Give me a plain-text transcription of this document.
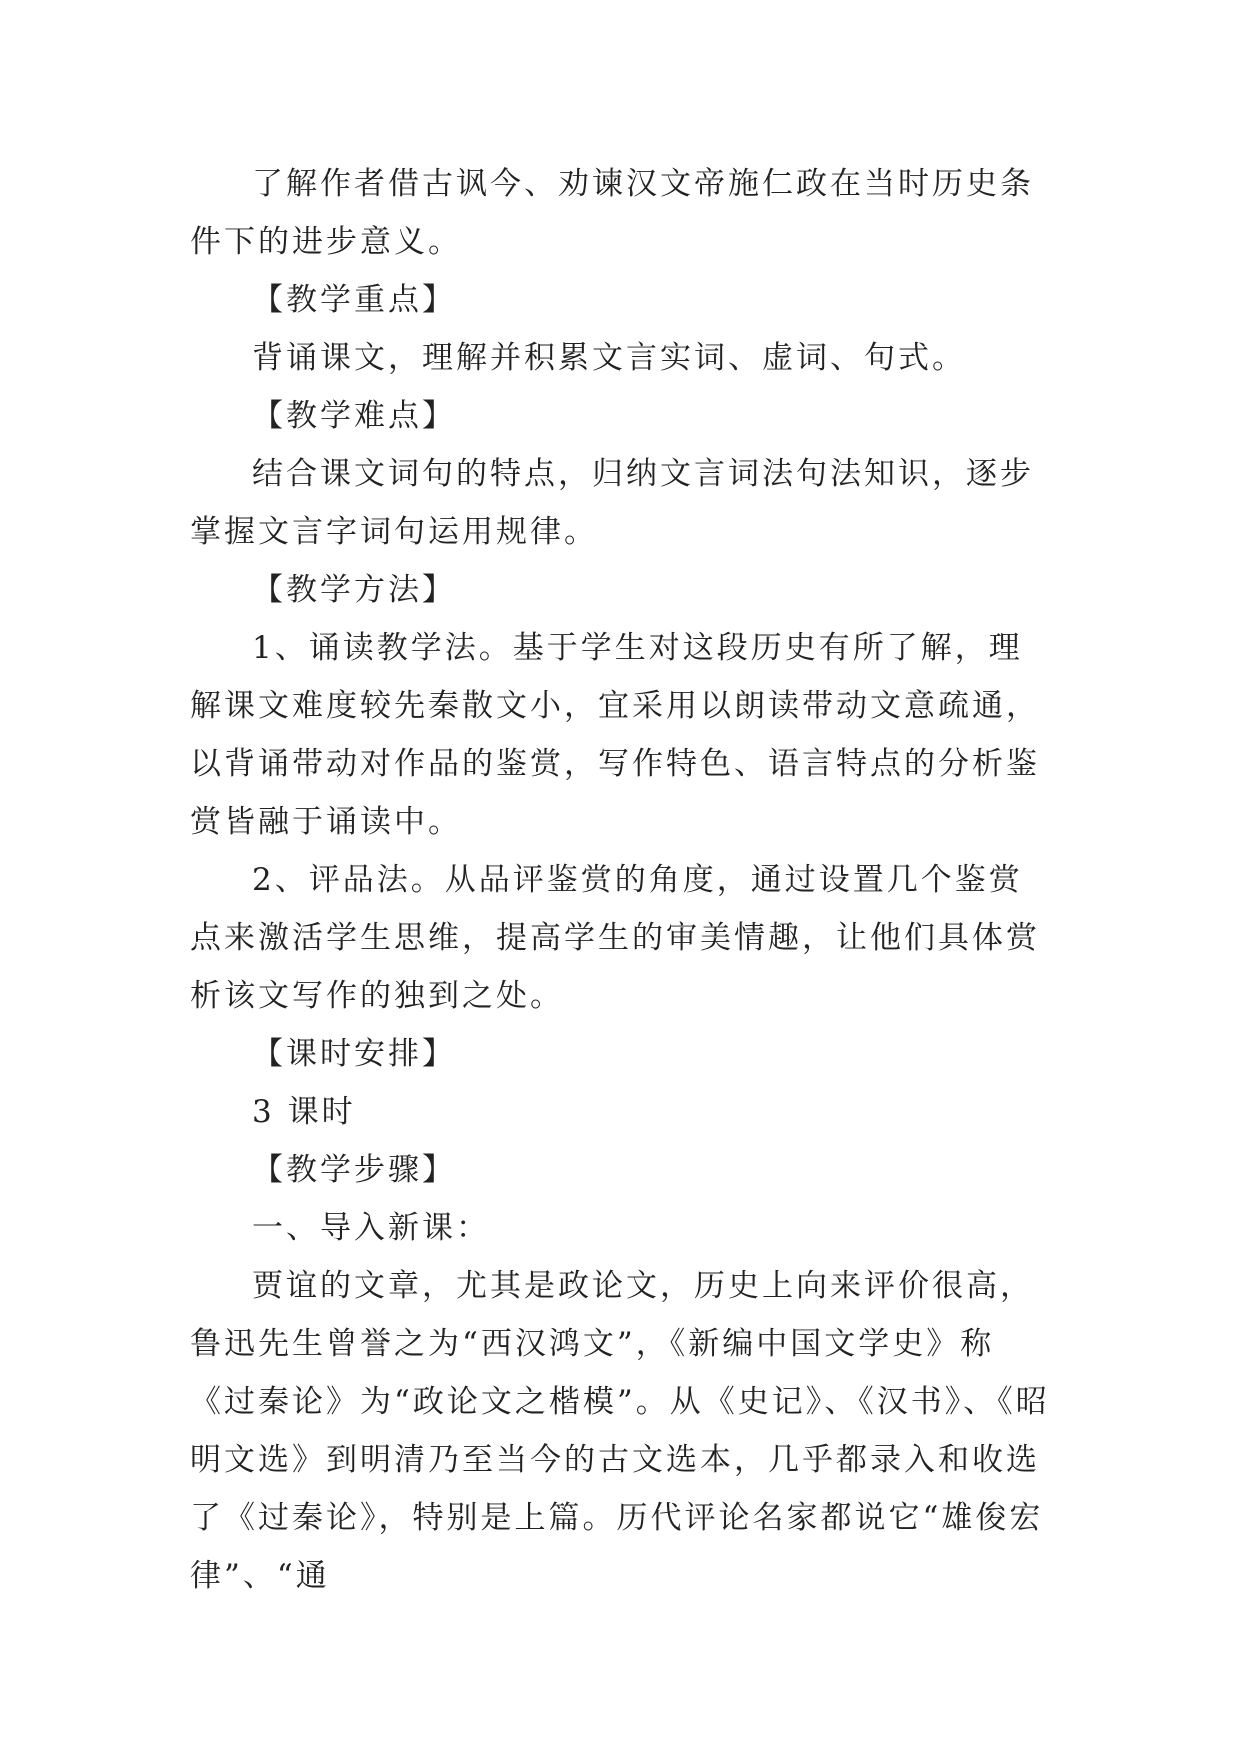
了解作者借古讽今、劝谏汉文帝施仁政在当时历史条件下的进步意义。

【教学重点】

背诵课文，理解并积累文言实词、虚词、句式。

【教学难点】

结合课文词句的特点，归纳文言词法句法知识，逐步掌握文言字词句运用规律。

【教学方法】

1、诵读教学法。基于学生对这段历史有所了解，理解课文难度较先秦散文小，宜采用以朗读带动文意疏通，以背诵带动对作品的鉴赏，写作特色、语言特点的分析鉴赏皆融于诵读中。

2、评品法。从品评鉴赏的角度，通过设置几个鉴赏点来激活学生思维，提高学生的审美情趣，让他们具体赏析该文写作的独到之处。

【课时安排】

3 课时

【教学步骤】

一、导入新课：

贾谊的文章，尤其是政论文，历史上向来评价很高，鲁迅先生曾誉之为“西汉鸿文”，《新编中国文学史》称《过秦论》为“政论文之楷模”。从《史记》、《汉书》、《昭明文选》到明清乃至当今的古文选本，几乎都录入和收选了《过秦论》，特别是上篇。历代评论名家都说它“雄俊宏律”、“通
